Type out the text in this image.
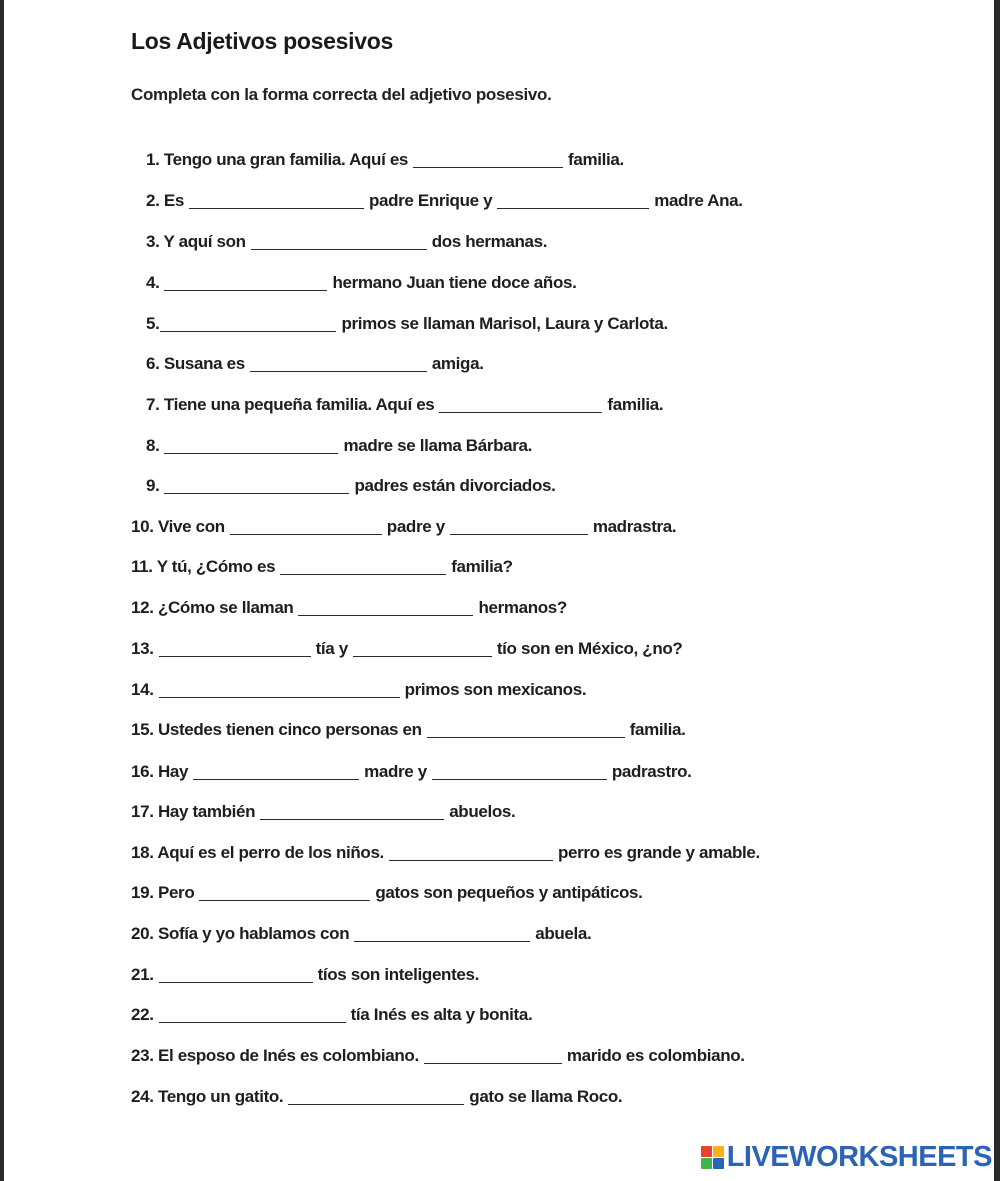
Los Adjetivos posesivos
Completa con la forma correcta del adjetivo posesivo.
1. Tengo una gran familia. Aquí es	familia.
2. Es	padre Enrique y	madre Ana.
3. Y aquí son	dos hermanas.
4.	hermano Juan tiene doce años.
5.	primos se llaman Marisol, Laura y Carlota.
6. Susana es	amiga.
7. Tiene una pequeña familia. Aquí es	familia.
8.	madre se llama Bárbara.
9.	padres están divorciados.
10. Vive con	padre y	madrastra.
11. Y tú, ¿Cómo es	familia?
12. ¿Cómo se llaman	hermanos?
13.	tía y	tío son en México, ¿no?
14.	primos son mexicanos.
15. Ustedes tienen cinco personas en	familia.
16. Hay	madre y	padrastro.
17. Hay también	abuelos.
18. Aquí es el perro de los niños.	perro es grande y amable.
19. Pero	gatos son pequeños y antipáticos.
20. Sofía y yo hablamos con	abuela.
21.	tíos son inteligentes.
22.	tía Inés es alta y bonita.
23. El esposo de Inés es colombiano.	marido es colombiano.
24. Tengo un gatito.	gato se llama Roco.
LIVEWORKSHEETS
